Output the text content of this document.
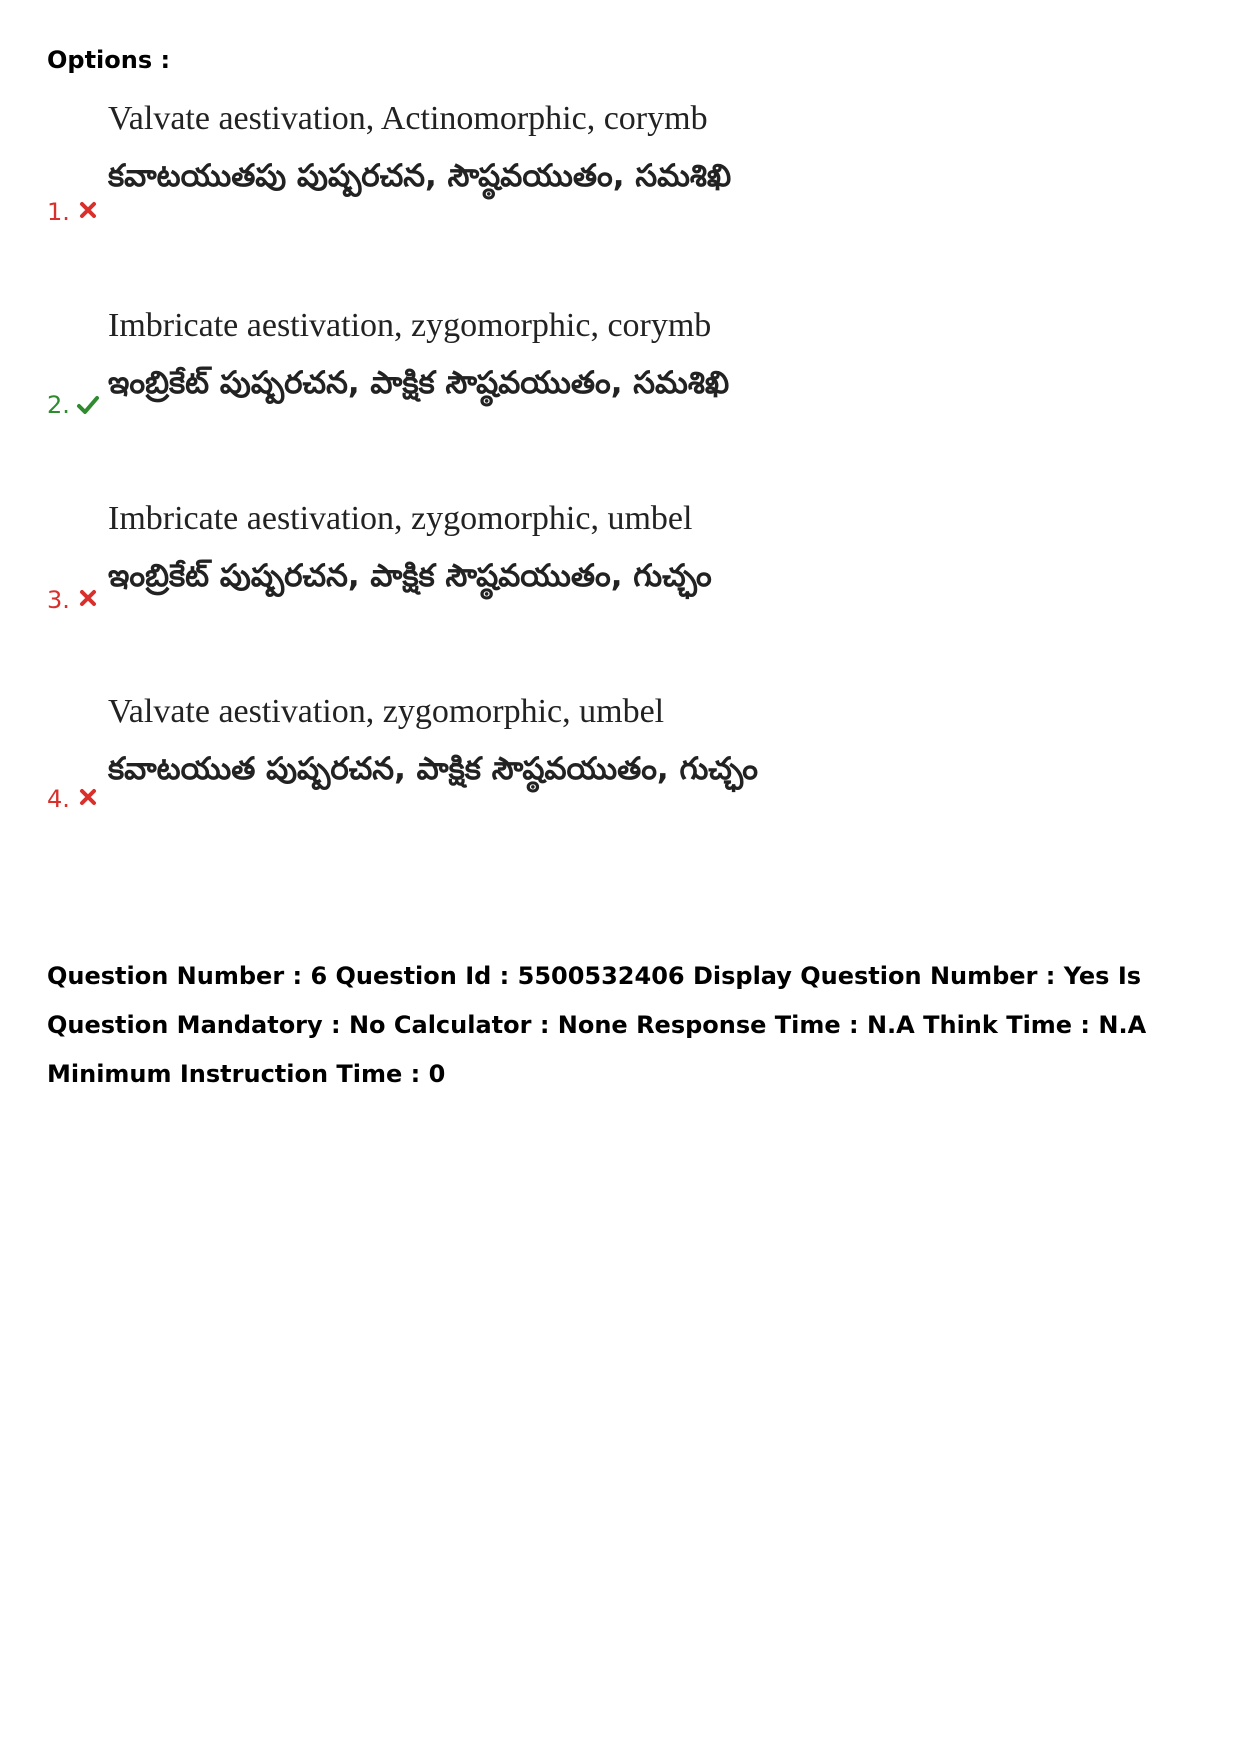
Options :
Valvate aestivation, Actinomorphic, corymb
కవాటయుతపు పుష్పరచన, సౌష్ఠవయుతం, సమశిఖి
1.
Imbricate aestivation, zygomorphic, corymb
ఇంబ్రికేట్ పుష్పరచన, పాక్షిక సౌష్ఠవయుతం, సమశిఖి
2.
Imbricate aestivation, zygomorphic, umbel
ఇంబ్రికేట్ పుష్పరచన, పాక్షిక సౌష్ఠవయుతం, గుచ్ఛం
3.
Valvate aestivation, zygomorphic, umbel
కవాటయుత పుష్పరచన, పాక్షిక సౌష్ఠవయుతం, గుచ్ఛం
4.
Question Number : 6 Question Id : 5500532406 Display Question Number : Yes Is Question Mandatory : No Calculator : None Response Time : N.A Think Time : N.A Minimum Instruction Time : 0
